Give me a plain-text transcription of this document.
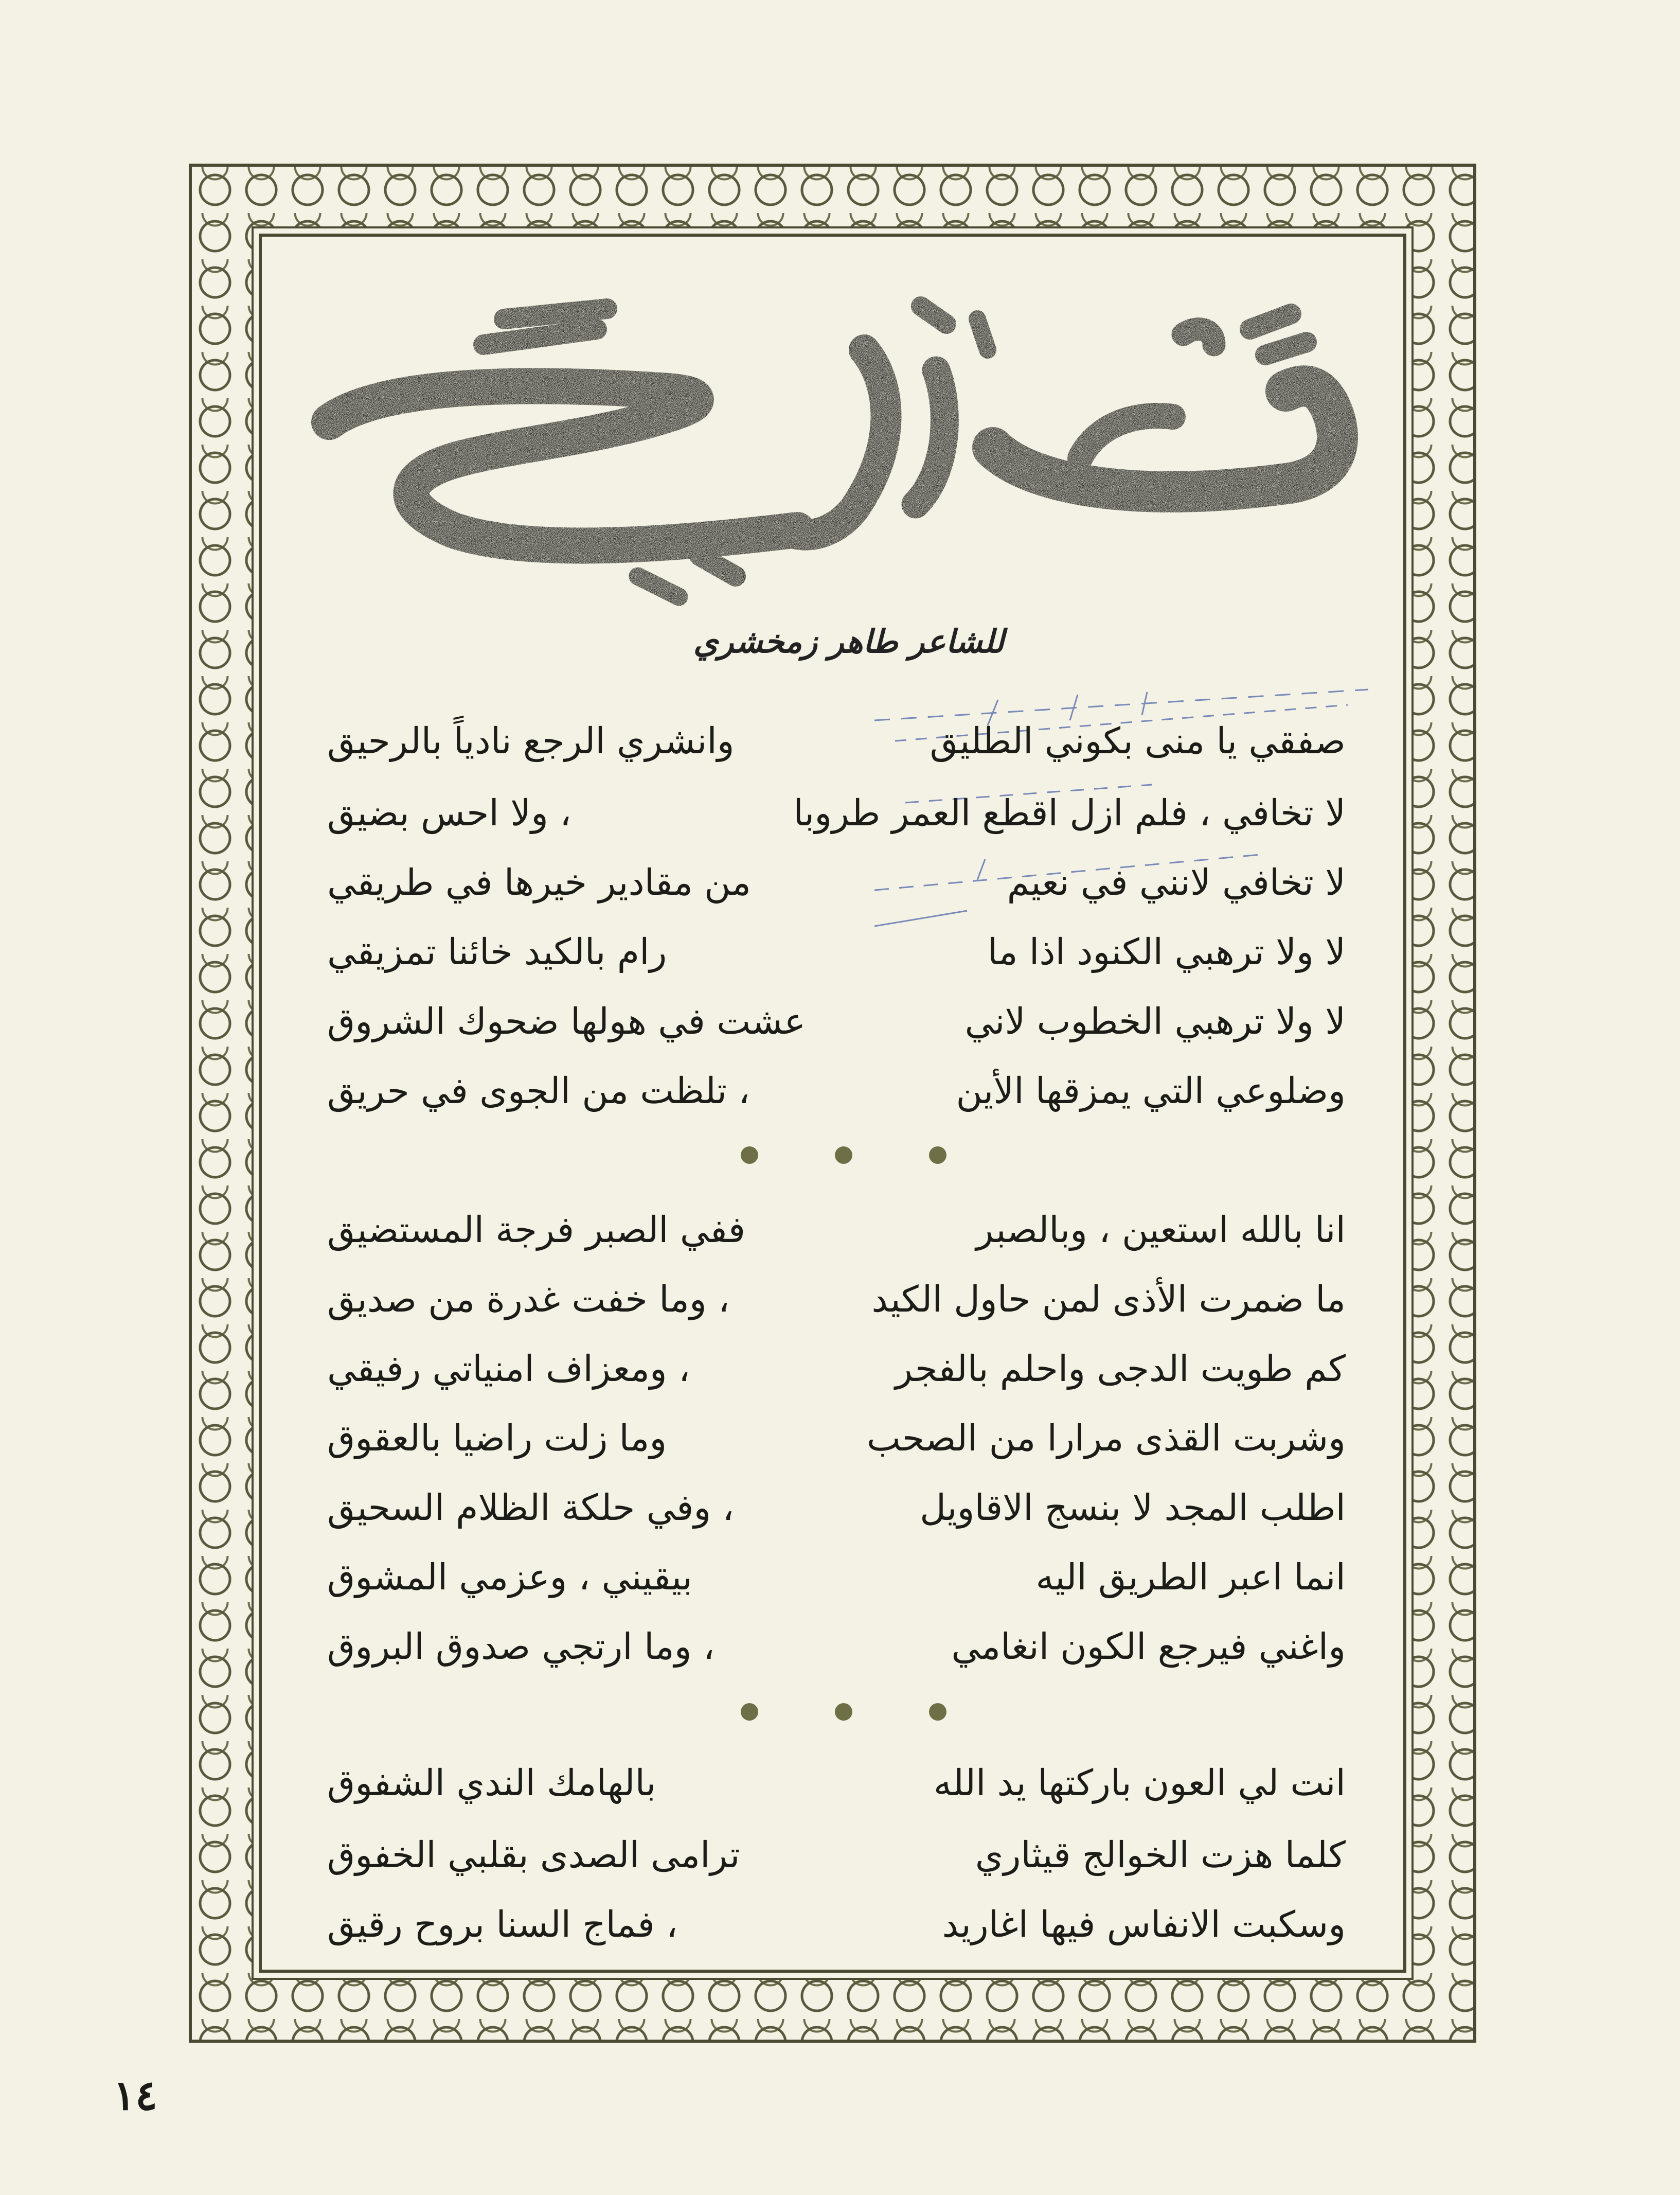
نفثاتي
للشاعر طاهر زمخشري
صفقي يا منى بكوني الطليق
وانشري الرجع نادياً بالرحيق
لا تخافي ، فلم ازل اقطع العمر طروبا
، ولا احس بضيق
لا تخافي لانني في نعيم
من مقادير خيرها في طريقي
لا ولا ترهبي الكنود اذا ما
رام بالكيد خائنا تمزيقي
لا ولا ترهبي الخطوب لاني
عشت في هولها ضحوك الشروق
وضلوعي التي يمزقها الأين
، تلظت من الجوى في حريق
انا بالله استعين ، وبالصبر
ففي الصبر فرجة المستضيق
ما ضمرت الأذى لمن حاول الكيد
، وما خفت غدرة من صديق
كم طويت الدجى واحلم بالفجر
، ومعزاف امنياتي رفيقي
وشربت القذى مرارا من الصحب
وما زلت راضيا بالعقوق
اطلب المجد لا بنسج الاقاويل
، وفي حلكة الظلام السحيق
انما اعبر الطريق اليه
بيقيني ، وعزمي المشوق
واغني فيرجع الكون انغامي
، وما ارتجي صدوق البروق
انت لي العون باركتها يد الله
بالهامك الندي الشفوق
كلما هزت الخوالج قيثاري
ترامى الصدى بقلبي الخفوق
وسكبت الانفاس فيها اغاريد
، فماج السنا بروح رقيق
١٤
